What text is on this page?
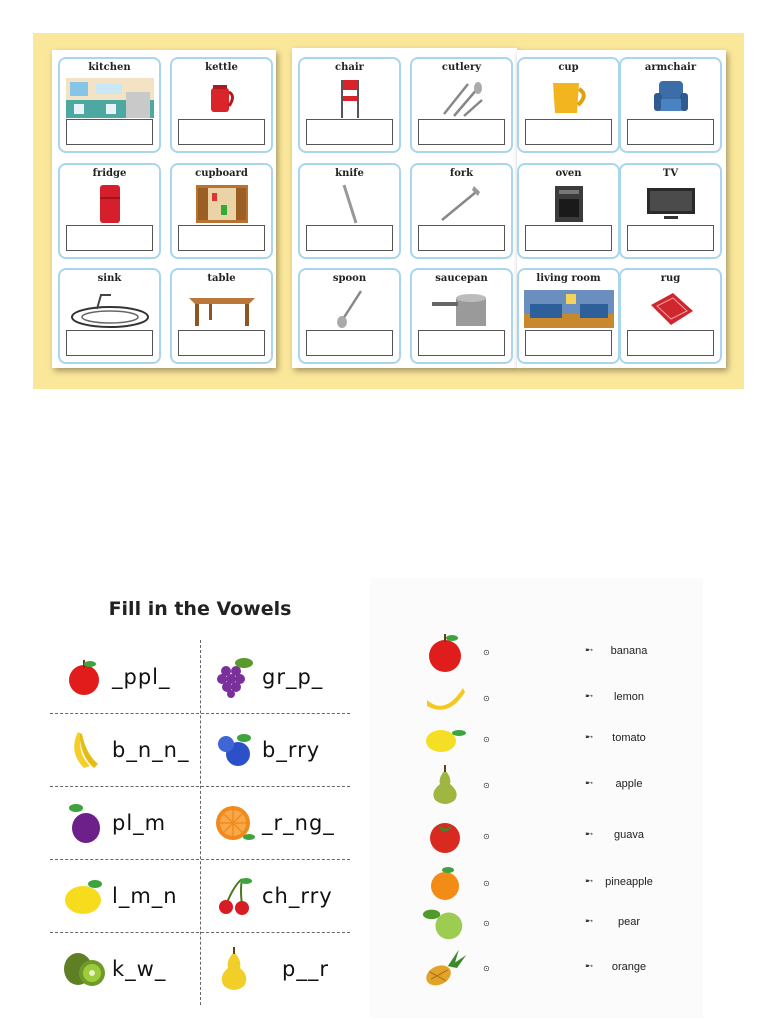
kitchen	kettle
fridge	cupboard
sink	table
chair	cutlery	cup	armchair
knife	fork	oven	TV
spoon	saucepan	living room	rug
Fill in the Vowels
_ppl_	gr_p_
b_n_n_	b_rry
pl_m	_r_ng_
l_m_n	ch_rry
k_w_	p__r
⊙	➸	banana
⊙	➸	lemon
⊙	➸	tomato
⊙	➸	apple
⊙	➸	guava
⊙	➸	pineapple
⊙	➸	pear
⊙	➸	orange
